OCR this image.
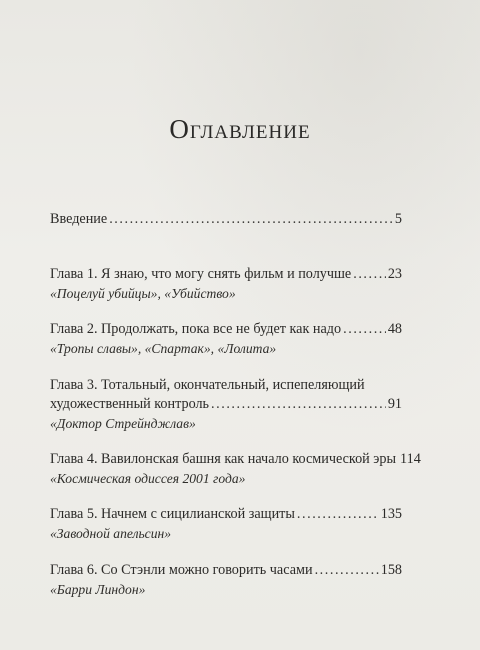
Оглавление
Введение . . .	5
Глава 1. Я знаю, что могу снять фильм и получше . . .	23
«Поцелуй убийцы», «Убийство»
Глава 2. Продолжать, пока все не будет как надо . . .	48
«Тропы славы», «Спартак», «Лолита»
Глава 3. Тотальный, окончательный, испепеляющий
художественный контроль . . .	91
«Доктор Стрейнджлав»
Глава 4. Вавилонская башня как начало космической эры 114
«Космическая одиссея 2001 года»
Глава 5. Начнем с сицилианской защиты . . .	135
«Заводной апельсин»
Глава 6. Со Стэнли можно говорить часами . . .	158
«Барри Линдон»
